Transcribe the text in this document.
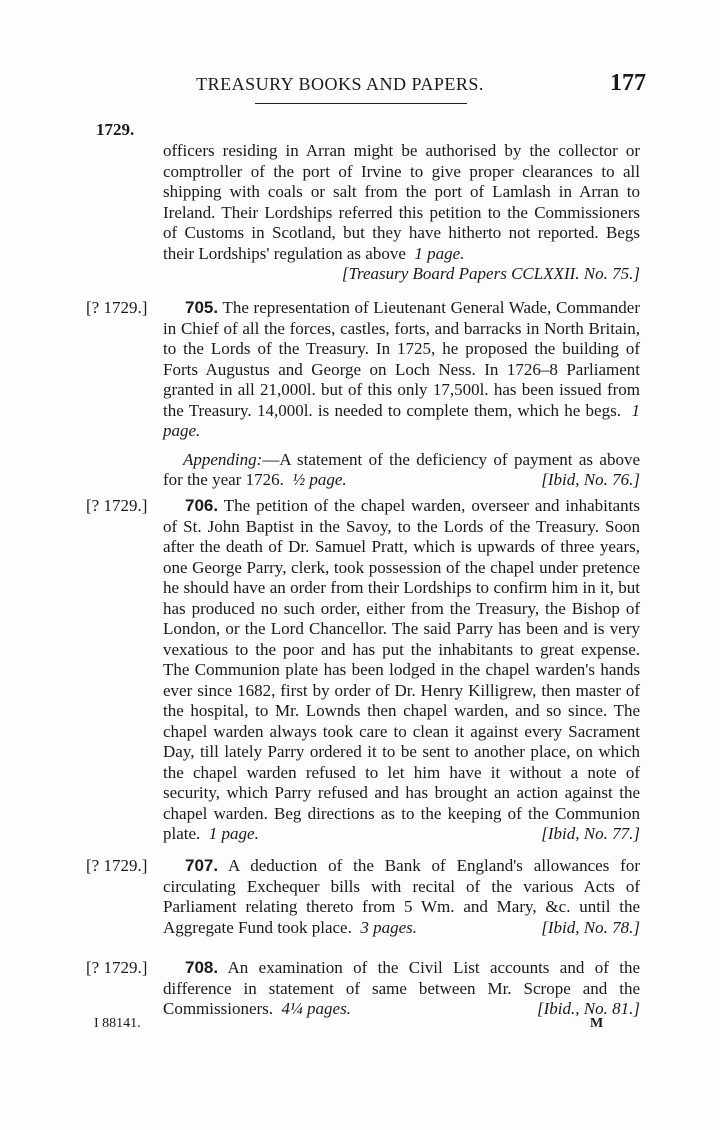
TREASURY BOOKS AND PAPERS.	177
1729.
officers residing in Arran might be authorised by the collector or comptroller of the port of Irvine to give proper clearances to all shipping with coals or salt from the port of Lamlash in Arran to Ireland. Their Lordships referred this petition to the Commissioners of Customs in Scotland, but they have hitherto not reported. Begs their Lordships' regulation as above 1 page.
[Treasury Board Papers CCLXXII. No. 75.]
[? 1729.]	705. The representation of Lieutenant General Wade, Commander in Chief of all the forces, castles, forts, and barracks in North Britain, to the Lords of the Treasury. In 1725, he proposed the building of Forts Augustus and George on Loch Ness. In 1726–8 Parliament granted in all 21,000l. but of this only 17,500l. has been issued from the Treasury. 14,000l. is needed to complete them, which he begs. 1 page.
Appending:—A statement of the deficiency of payment as above for the year 1726. ½ page.	[Ibid, No. 76.]
[? 1729.]	706. The petition of the chapel warden, overseer and inhabitants of St. John Baptist in the Savoy, to the Lords of the Treasury. Soon after the death of Dr. Samuel Pratt, which is upwards of three years, one George Parry, clerk, took possession of the chapel under pretence he should have an order from their Lordships to confirm him in it, but has produced no such order, either from the Treasury, the Bishop of London, or the Lord Chancellor. The said Parry has been and is very vexatious to the poor and has put the inhabitants to great expense. The Communion plate has been lodged in the chapel warden's hands ever since 1682, first by order of Dr. Henry Killigrew, then master of the hospital, to Mr. Lownds then chapel warden, and so since. The chapel warden always took care to clean it against every Sacrament Day, till lately Parry ordered it to be sent to another place, on which the chapel warden refused to let him have it without a note of security, which Parry refused and has brought an action against the chapel warden. Beg directions as to the keeping of the Communion plate. 1 page.	[Ibid, No. 77.]
[? 1729.]	707. A deduction of the Bank of England's allowances for circulating Exchequer bills with recital of the various Acts of Parliament relating thereto from 5 Wm. and Mary, &c. until the Aggregate Fund took place. 3 pages.	[Ibid, No. 78.]
[? 1729.]	708. An examination of the Civil List accounts and of the difference in statement of same between Mr. Scrope and the Commissioners. 4¼ pages.	[Ibid., No. 81.]
I 88141.	M
